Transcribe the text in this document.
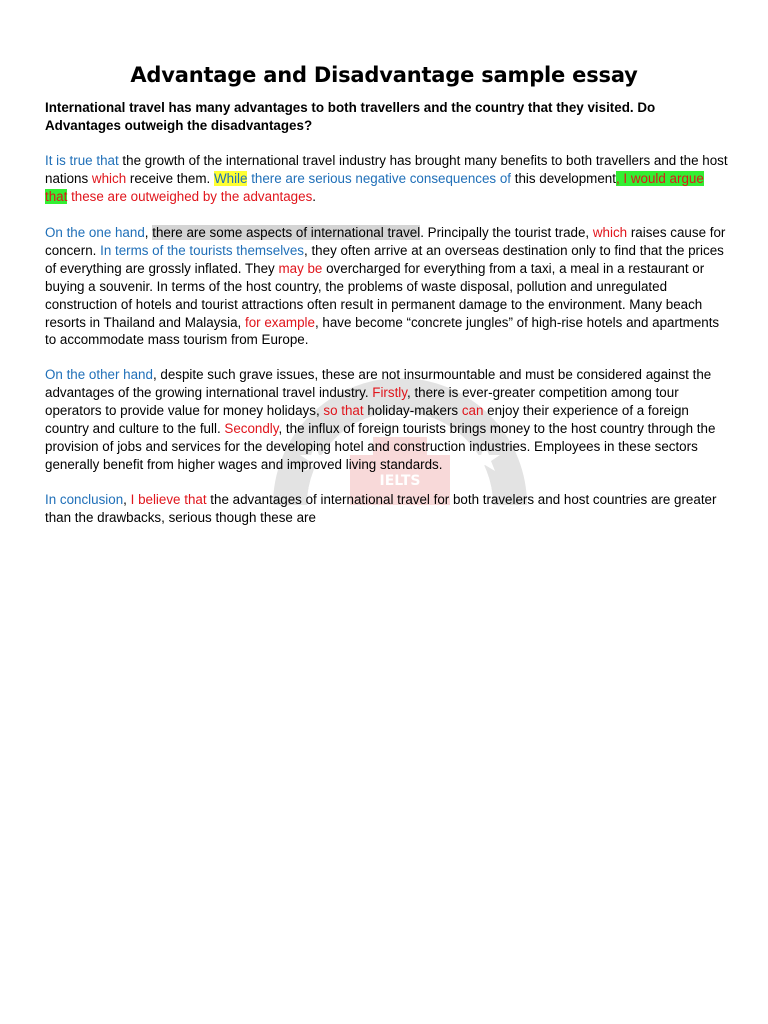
IELTS
Advantage and Disadvantage sample essay

International travel has many advantages to both travellers and the country that they visited. Do Advantages outweigh the disadvantages?

It is true that the growth of the international travel industry has brought many benefits to both travellers and the host nations which receive them. While there are serious negative consequences of this development, I would argue that these are outweighed by the advantages.

On the one hand, there are some aspects of international travel. Principally the tourist trade, which raises cause for concern. In terms of the tourists themselves, they often arrive at an overseas destination only to find that the prices of everything are grossly inflated. They may be overcharged for everything from a taxi, a meal in a restaurant or buying a souvenir. In terms of the host country, the problems of waste disposal, pollution and unregulated construction of hotels and tourist attractions often result in permanent damage to the environment. Many beach resorts in Thailand and Malaysia, for example, have become “concrete jungles” of high-rise hotels and apartments to accommodate mass tourism from Europe.

On the other hand, despite such grave issues, these are not insurmountable and must be considered against the advantages of the growing international travel industry. Firstly, there is ever-greater competition among tour operators to provide value for money holidays, so that holiday-makers can enjoy their experience of a foreign country and culture to the full. Secondly, the influx of foreign tourists brings money to the host country through the provision of jobs and services for the developing hotel and construction industries. Employees in these sectors generally benefit from higher wages and improved living standards.

In conclusion, I believe that the advantages of international travel for both travelers and host countries are greater than the drawbacks, serious though these are
